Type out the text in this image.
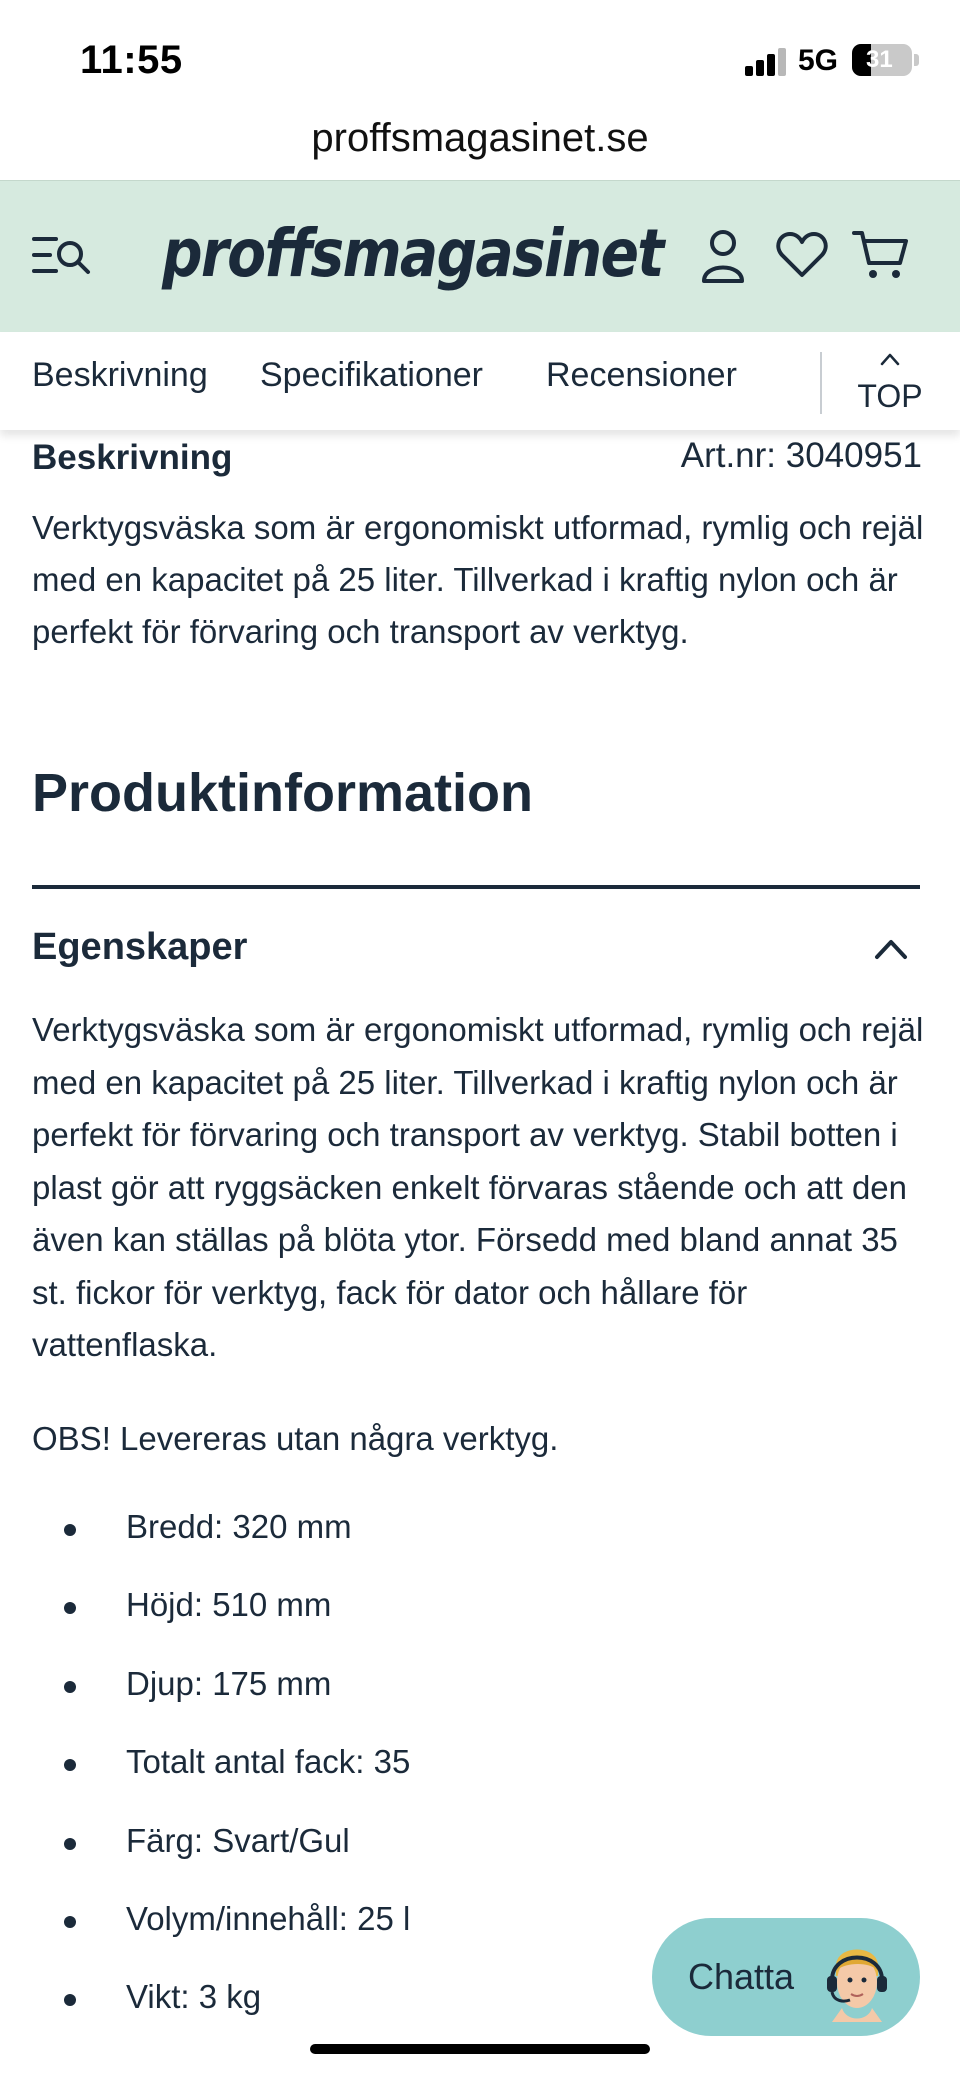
11:55	5G 31
proffsmagasinet.se
proffsmagasinet
Beskrivning Specifikationer Recensioner
TOP
Beskrivning	Art.nr: 3040951
Verktygsväska som är ergonomiskt utformad, rymlig och rejäl med en kapacitet på 25 liter. Tillverkad i kraftig nylon och är perfekt för förvaring och transport av verktyg.
Produktinformation
Egenskaper
Verktygsväska som är ergonomiskt utformad, rymlig och rejäl med en kapacitet på 25 liter. Tillverkad i kraftig nylon och är perfekt för förvaring och transport av verktyg. Stabil botten i plast gör att ryggsäcken enkelt förvaras stående och att den även kan ställas på blöta ytor. Försedd med bland annat 35 st. fickor för verktyg, fack för dator och hållare för vattenflaska.
OBS! Levereras utan några verktyg.
Bredd: 320 mm
Höjd: 510 mm
Djup: 175 mm
Totalt antal fack: 35
Färg: Svart/Gul
Volym/innehåll: 25 l
Vikt: 3 kg	Chatta
